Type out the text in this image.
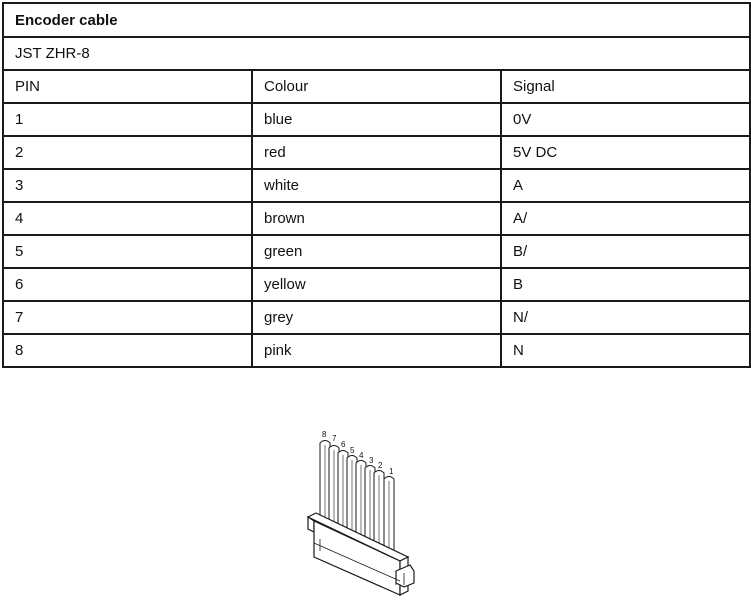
Encoder cable		
JST ZHR-8		
PIN	Colour	Signal
1	blue	0V
2	red	5V DC
3	white	A
4	brown	A/
5	green	B/
6	yellow	B
7	grey	N/
8	pink	N
8 7
6
5
4
3
2
1
